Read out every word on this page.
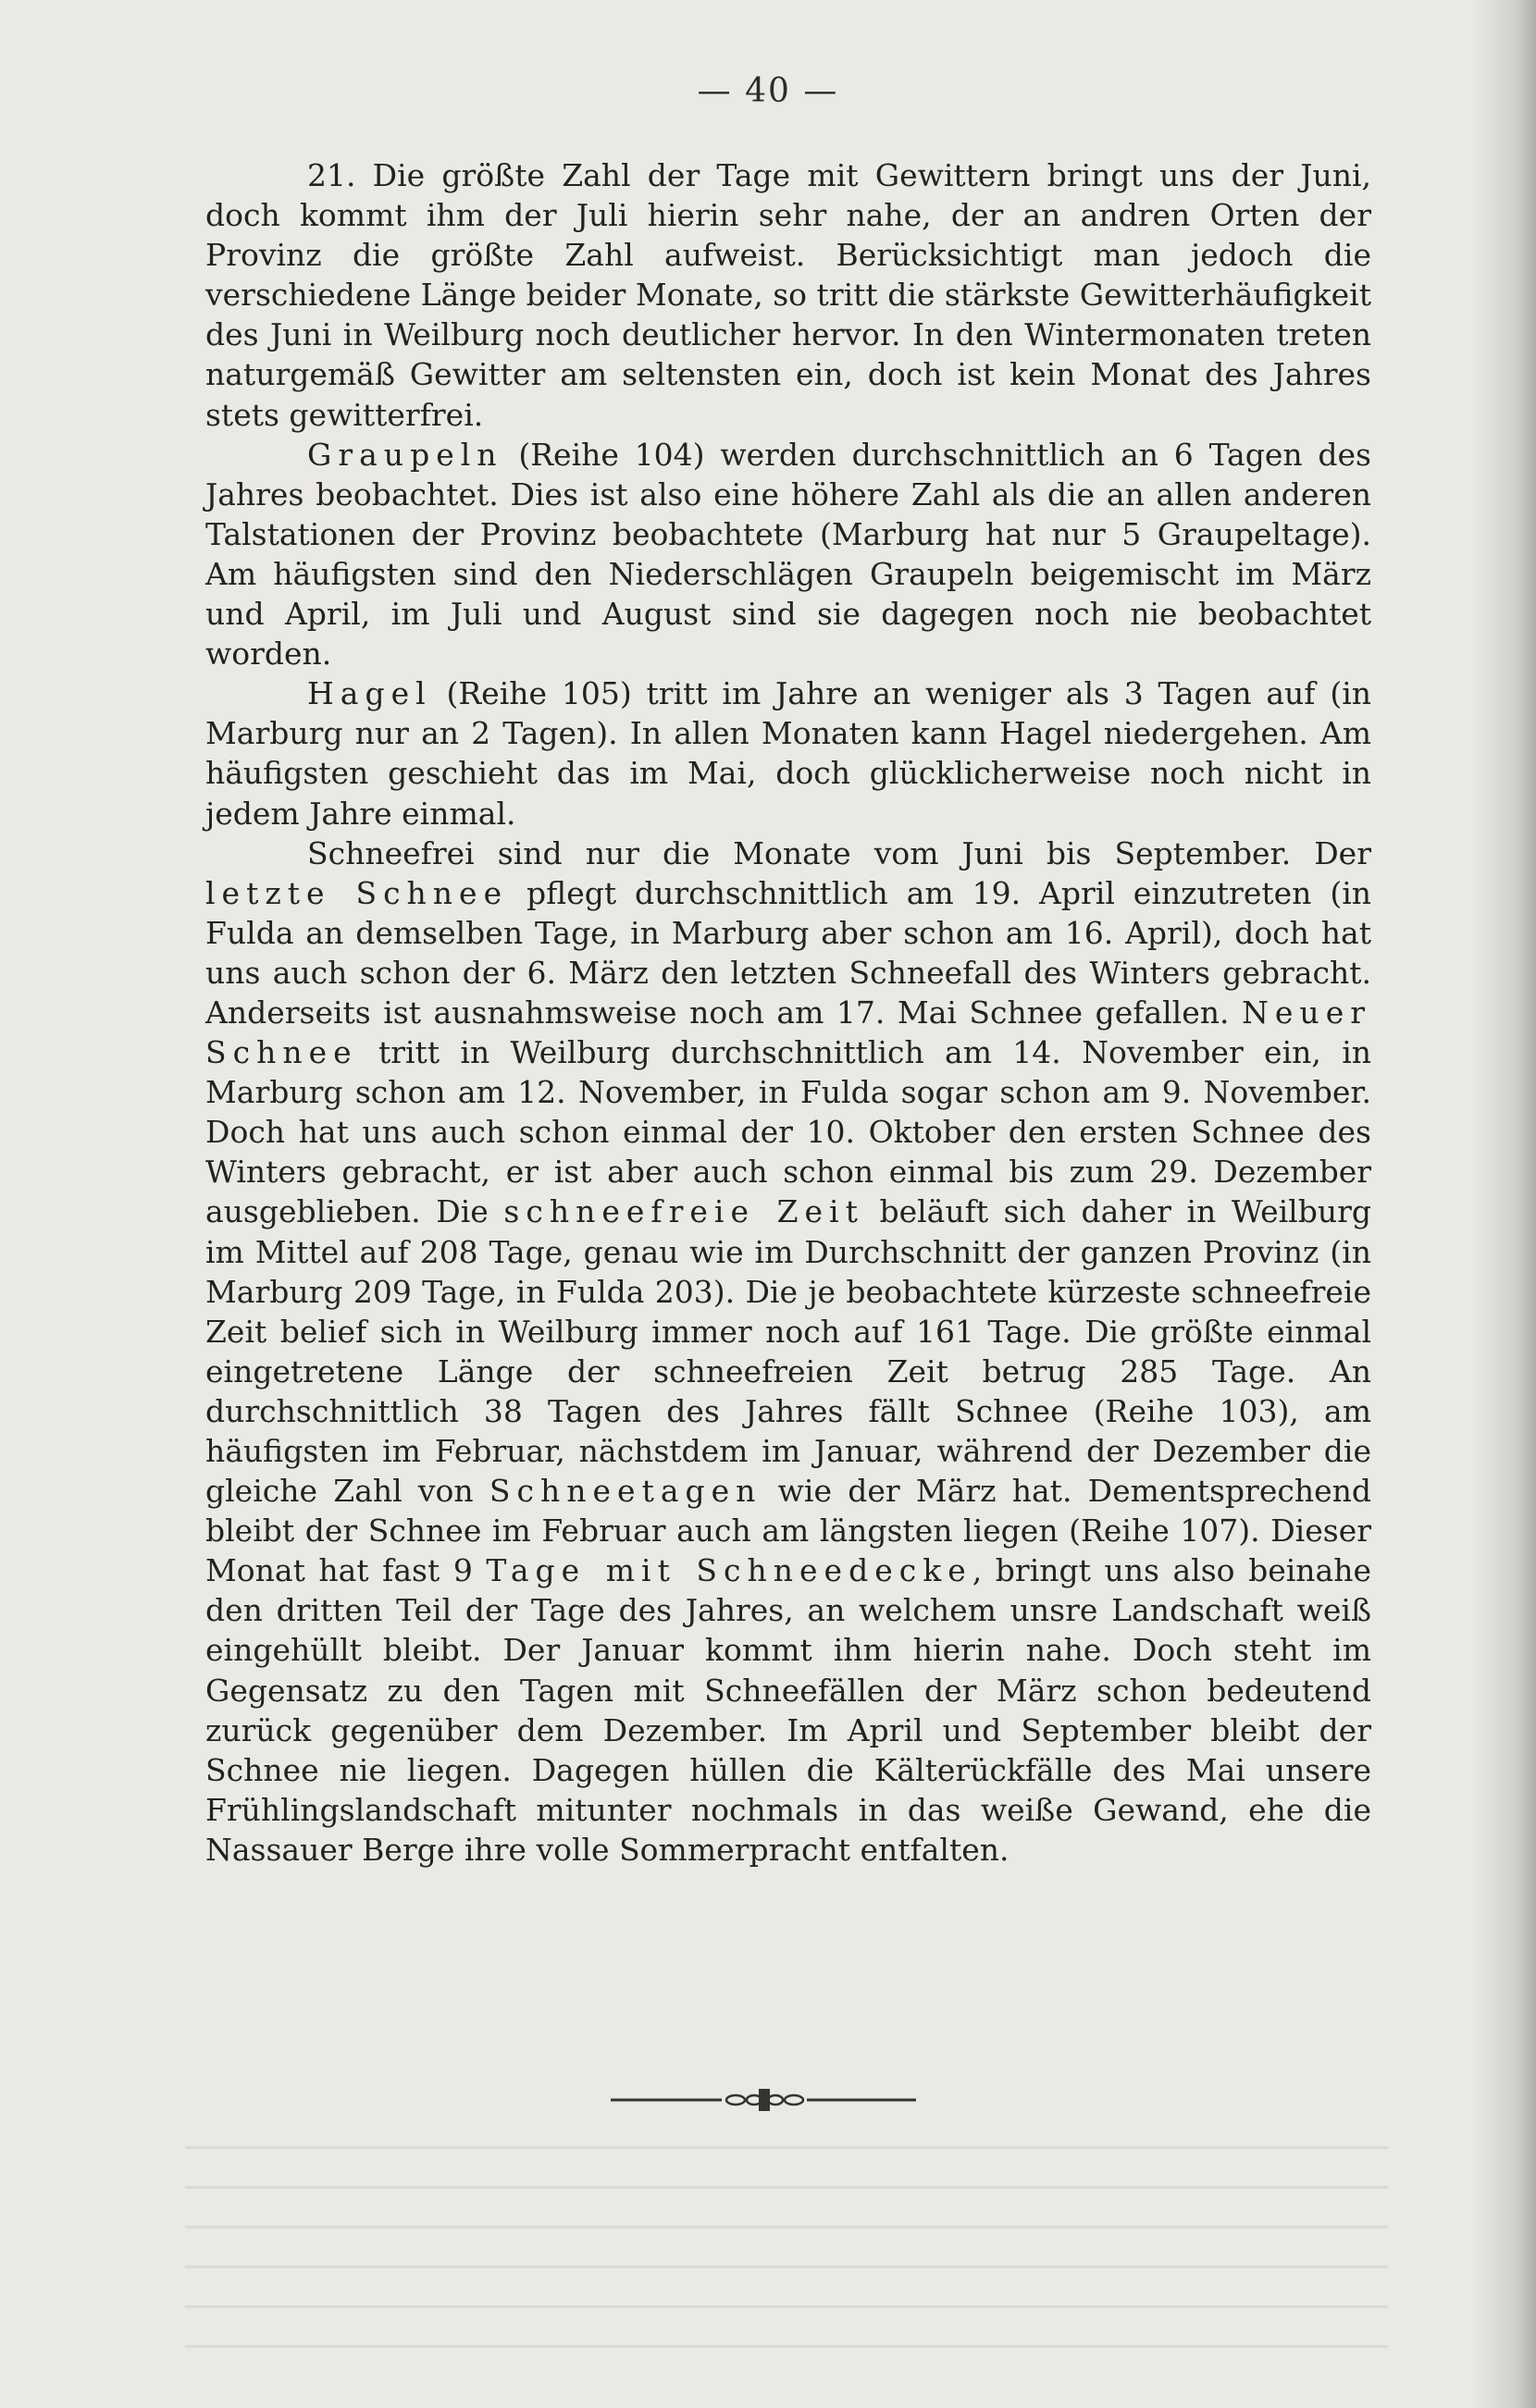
— 40 —

21. Die größte Zahl der Tage mit Gewittern bringt uns der Juni, doch kommt ihm der Juli hierin sehr nahe, der an andren Orten der Provinz die größte Zahl aufweist. Berücksichtigt man jedoch die verschiedene Länge beider Monate, so tritt die stärkste Gewitterhäufigkeit des Juni in Weilburg noch deutlicher hervor. In den Wintermonaten treten naturgemäß Gewitter am seltensten ein, doch ist kein Monat des Jahres stets gewitterfrei.

Graupeln (Reihe 104) werden durchschnittlich an 6 Tagen des Jahres beobachtet. Dies ist also eine höhere Zahl als die an allen anderen Talstationen der Provinz beobachtete (Marburg hat nur 5 Graupeltage). Am häufigsten sind den Niederschlägen Graupeln beigemischt im März und April, im Juli und August sind sie dagegen noch nie beobachtet worden.

Hagel (Reihe 105) tritt im Jahre an weniger als 3 Tagen auf (in Marburg nur an 2 Tagen). In allen Monaten kann Hagel niedergehen. Am häufigsten geschieht das im Mai, doch glücklicherweise noch nicht in jedem Jahre einmal.

Schneefrei sind nur die Monate vom Juni bis September. Der letzte Schnee pflegt durchschnittlich am 19. April einzutreten (in Fulda an demselben Tage, in Marburg aber schon am 16. April), doch hat uns auch schon der 6. März den letzten Schneefall des Winters gebracht. Anderseits ist ausnahmsweise noch am 17. Mai Schnee gefallen. Neuer Schnee tritt in Weilburg durchschnittlich am 14. November ein, in Marburg schon am 12. November, in Fulda sogar schon am 9. November. Doch hat uns auch schon einmal der 10. Oktober den ersten Schnee des Winters gebracht, er ist aber auch schon einmal bis zum 29. Dezember ausgeblieben. Die schneefreie Zeit beläuft sich daher in Weilburg im Mittel auf 208 Tage, genau wie im Durchschnitt der ganzen Provinz (in Marburg 209 Tage, in Fulda 203). Die je beobachtete kürzeste schneefreie Zeit belief sich in Weilburg immer noch auf 161 Tage. Die größte einmal eingetretene Länge der schneefreien Zeit betrug 285 Tage. An durchschnittlich 38 Tagen des Jahres fällt Schnee (Reihe 103), am häufigsten im Februar, nächstdem im Januar, während der Dezember die gleiche Zahl von Schneetagen wie der März hat. Dementsprechend bleibt der Schnee im Februar auch am längsten liegen (Reihe 107). Dieser Monat hat fast 9 Tage mit Schneedecke, bringt uns also beinahe den dritten Teil der Tage des Jahres, an welchem unsre Landschaft weiß eingehüllt bleibt. Der Januar kommt ihm hierin nahe. Doch steht im Gegensatz zu den Tagen mit Schneefällen der März schon bedeutend zurück gegenüber dem Dezember. Im April und September bleibt der Schnee nie liegen. Dagegen hüllen die Kälterückfälle des Mai unsere Frühlingslandschaft mitunter nochmals in das weiße Gewand, ehe die Nassauer Berge ihre volle Sommerpracht entfalten.
